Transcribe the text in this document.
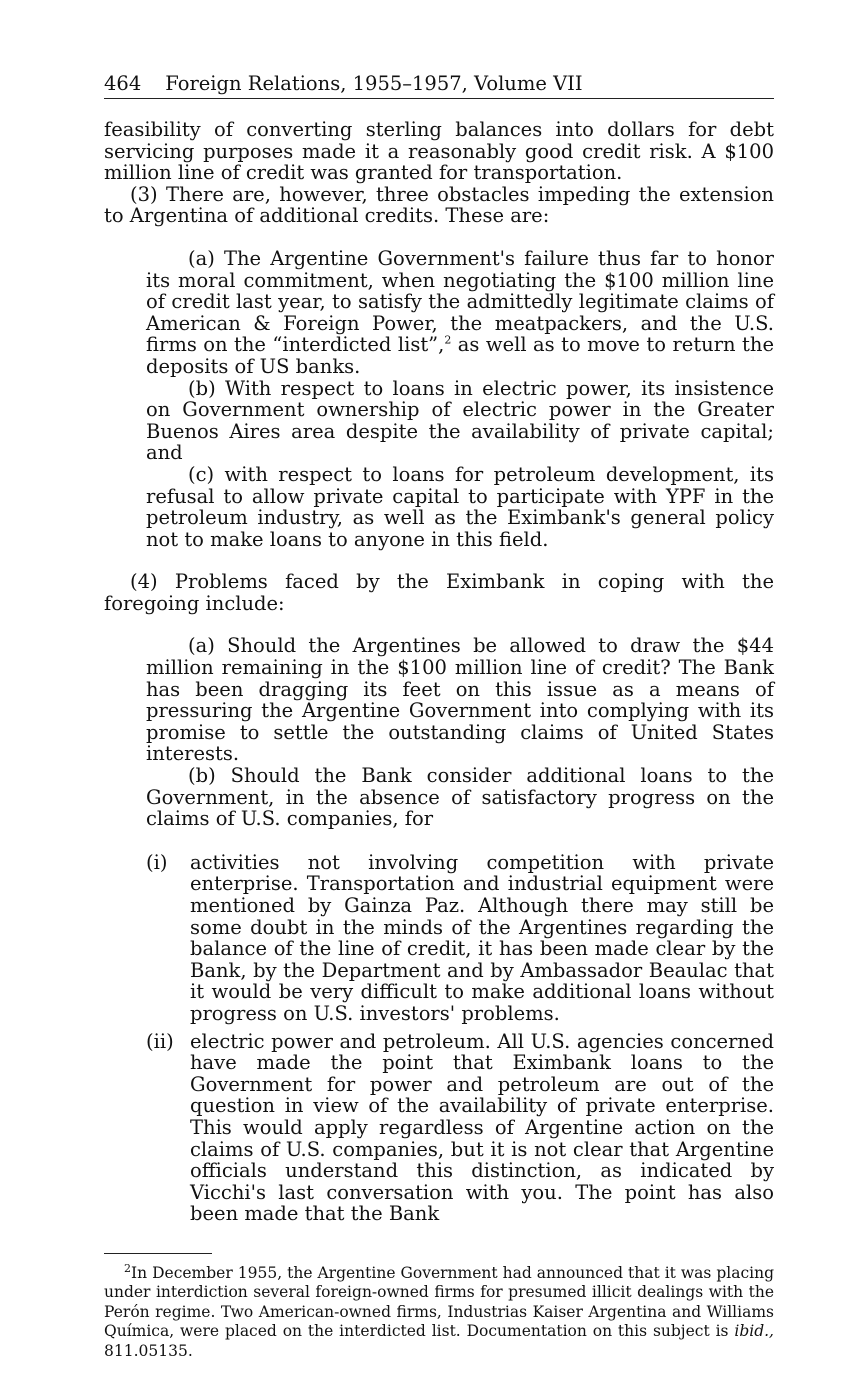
464 Foreign Relations, 1955–1957, Volume VII

feasibility of converting sterling balances into dollars for debt servicing purposes made it a reasonably good credit risk. A $100 million line of credit was granted for transportation.

(3) There are, however, three obstacles impeding the extension to Argentina of additional credits. These are:

(a) The Argentine Government's failure thus far to honor its moral commitment, when negotiating the $100 million line of credit last year, to satisfy the admittedly legitimate claims of American & Foreign Power, the meatpackers, and the U.S. firms on the “interdicted list”,$^2$ as well as to move to return the deposits of US banks.

(b) With respect to loans in electric power, its insistence on Government ownership of electric power in the Greater Buenos Aires area despite the availability of private capital; and

(c) with respect to loans for petroleum development, its refusal to allow private capital to participate with YPF in the petroleum industry, as well as the Eximbank's general policy not to make loans to anyone in this field.

(4) Problems faced by the Eximbank in coping with the foregoing include:

(a) Should the Argentines be allowed to draw the $44 million remaining in the $100 million line of credit? The Bank has been dragging its feet on this issue as a means of pressuring the Argentine Government into complying with its promise to settle the outstanding claims of United States interests.

(b) Should the Bank consider additional loans to the Government, in the absence of satisfactory progress on the claims of U.S. companies, for

(i)	activities not involving competition with private enterprise. Transportation and industrial equipment were mentioned by Gainza Paz. Although there may still be some doubt in the minds of the Argentines regarding the balance of the line of credit, it has been made clear by the Bank, by the Department and by Ambassador Beaulac that it would be very difficult to make additional loans without progress on U.S. investors' problems.
(ii) electric power and petroleum. All U.S. agencies concerned have made the point that Eximbank loans to the Government for power and petroleum are out of the question in view of the availability of private enterprise. This would apply regardless of Argentine action on the claims of U.S. companies, but it is not clear that Argentine officials understand this distinction, as indicated by Vicchi's last conversation with you. The point has also been made that the Bank

$^2$In December 1955, the Argentine Government had announced that it was placing under interdiction several foreign-owned firms for presumed illicit dealings with the Perón regime. Two American-owned firms, Industrias Kaiser Argentina and Williams Química, were placed on the interdicted list. Documentation on this subject is ibid., 811.05135.
